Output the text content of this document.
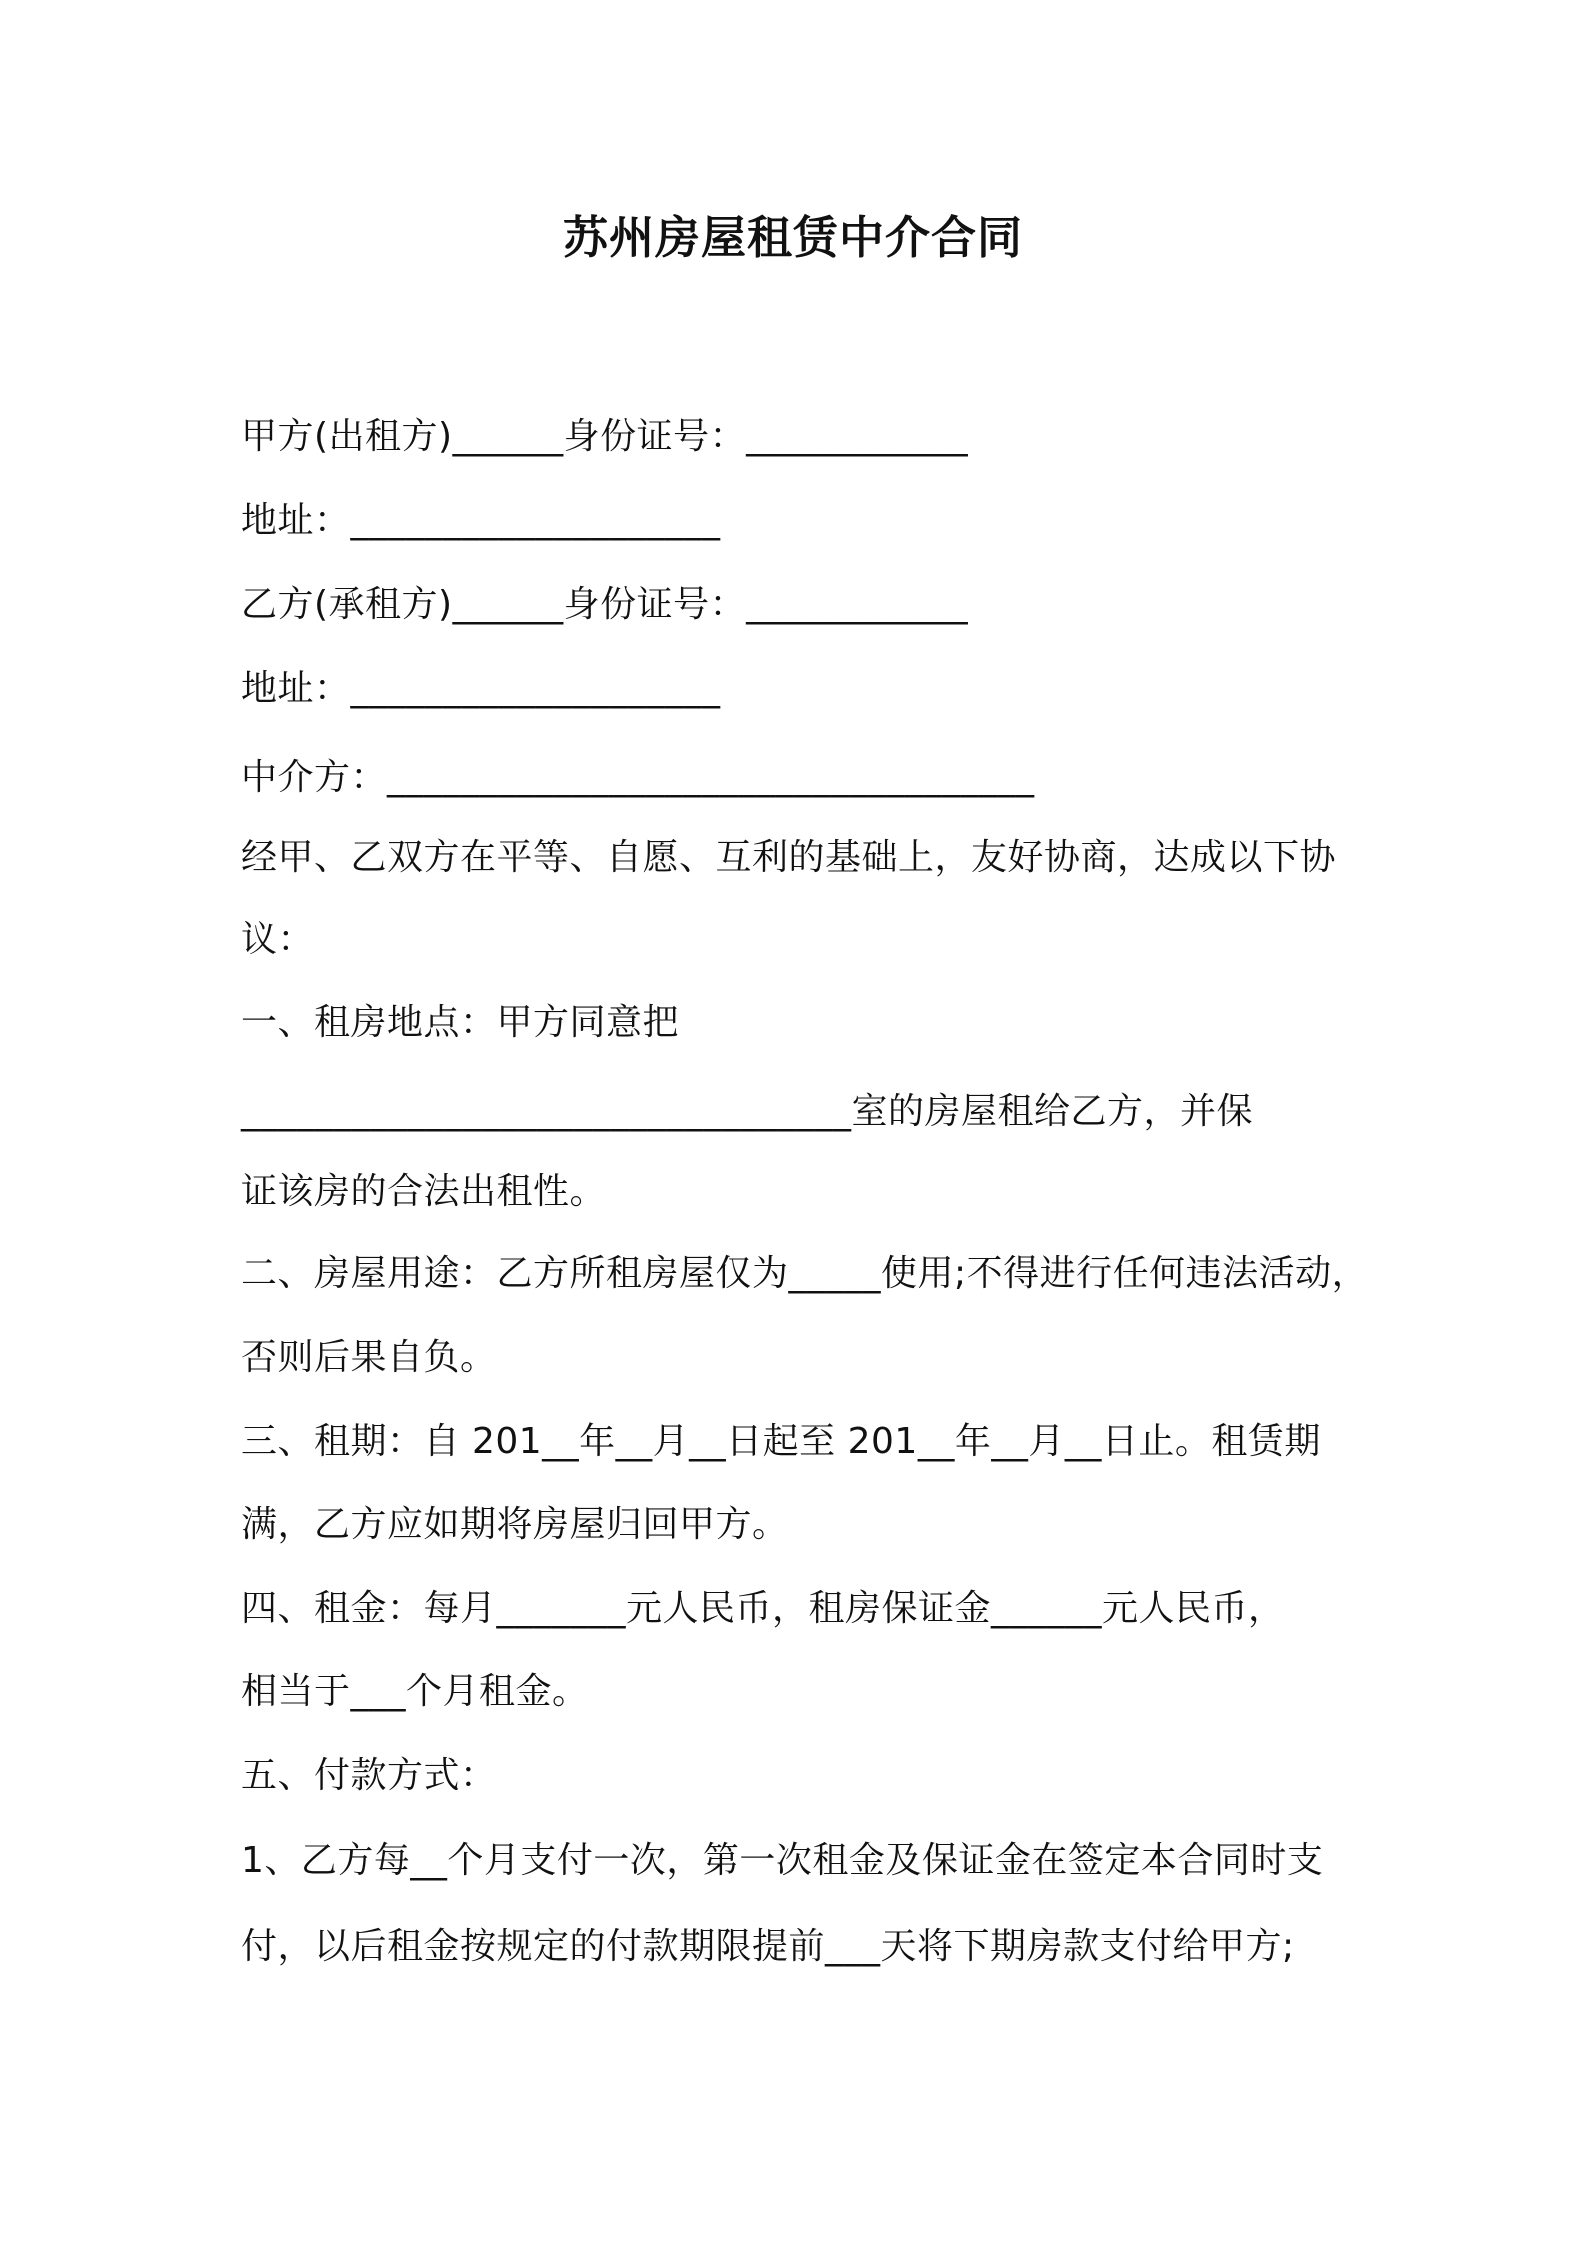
苏州房屋租赁中介合同
甲方(出租方)______身份证号：____________
地址：____________________
乙方(承租方)______身份证号：____________
地址：____________________
中介方：___________________________________
经甲、乙双方在平等、自愿、互利的基础上，友好协商，达成以下协
议：
一、租房地点：甲方同意把
_________________________________室的房屋租给乙方，并保
证该房的合法出租性。
二、房屋用途：乙方所租房屋仅为_____使用;不得进行任何违法活动，
否则后果自负。
三、租期：自 201__年__月__日起至 201__年__月__日止。租赁期
满，乙方应如期将房屋归回甲方。
四、租金：每月_______元人民币，租房保证金______元人民币，
相当于___个月租金。
五、付款方式：
1、乙方每__个月支付一次，第一次租金及保证金在签定本合同时支
付，以后租金按规定的付款期限提前___天将下期房款支付给甲方;
